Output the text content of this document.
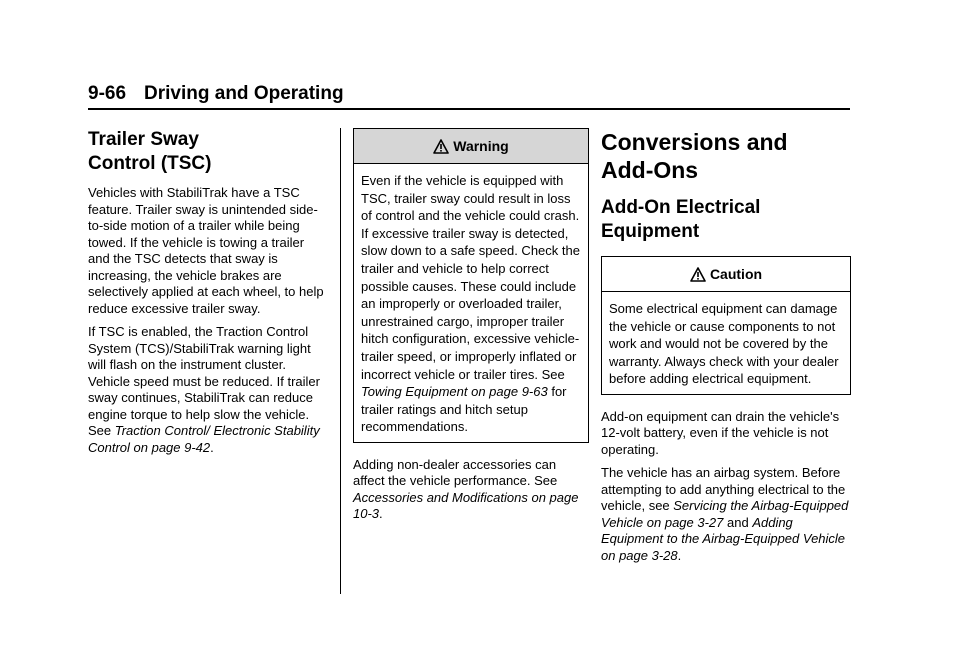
9-66 Driving and Operating
Trailer Sway
Control (TSC)

Vehicles with StabiliTrak have a TSC feature. Trailer sway is unintended side-to-side motion of a trailer while being towed. If the vehicle is towing a trailer and the TSC detects that sway is increasing, the vehicle brakes are selectively applied at each wheel, to help reduce excessive trailer sway.

If TSC is enabled, the Traction Control System (TCS)/StabiliTrak warning light will flash on the instrument cluster. Vehicle speed must be reduced. If trailer sway continues, StabiliTrak can reduce engine torque to help slow the vehicle. See Traction Control/ Electronic Stability Control on page 9-42.

Warning

Even if the vehicle is equipped with TSC, trailer sway could result in loss of control and the vehicle could crash. If excessive trailer sway is detected, slow down to a safe speed. Check the trailer and vehicle to help correct possible causes. These could include an improperly or overloaded trailer, unrestrained cargo, improper trailer hitch configuration, excessive vehicle-trailer speed, or improperly inflated or incorrect vehicle or trailer tires. See Towing Equipment on page 9-63 for trailer ratings and hitch setup recommendations.

Adding non-dealer accessories can affect the vehicle performance. See Accessories and Modifications on page 10-3.

Conversions and
Add-Ons
Add-On Electrical
Equipment
Caution

Some electrical equipment can damage the vehicle or cause components to not work and would not be covered by the warranty. Always check with your dealer before adding electrical equipment.

Add-on equipment can drain the vehicle's 12-volt battery, even if the vehicle is not operating.

The vehicle has an airbag system. Before attempting to add anything electrical to the vehicle, see Servicing the Airbag-Equipped Vehicle on page 3-27 and Adding Equipment to the Airbag-Equipped Vehicle on page 3-28.
